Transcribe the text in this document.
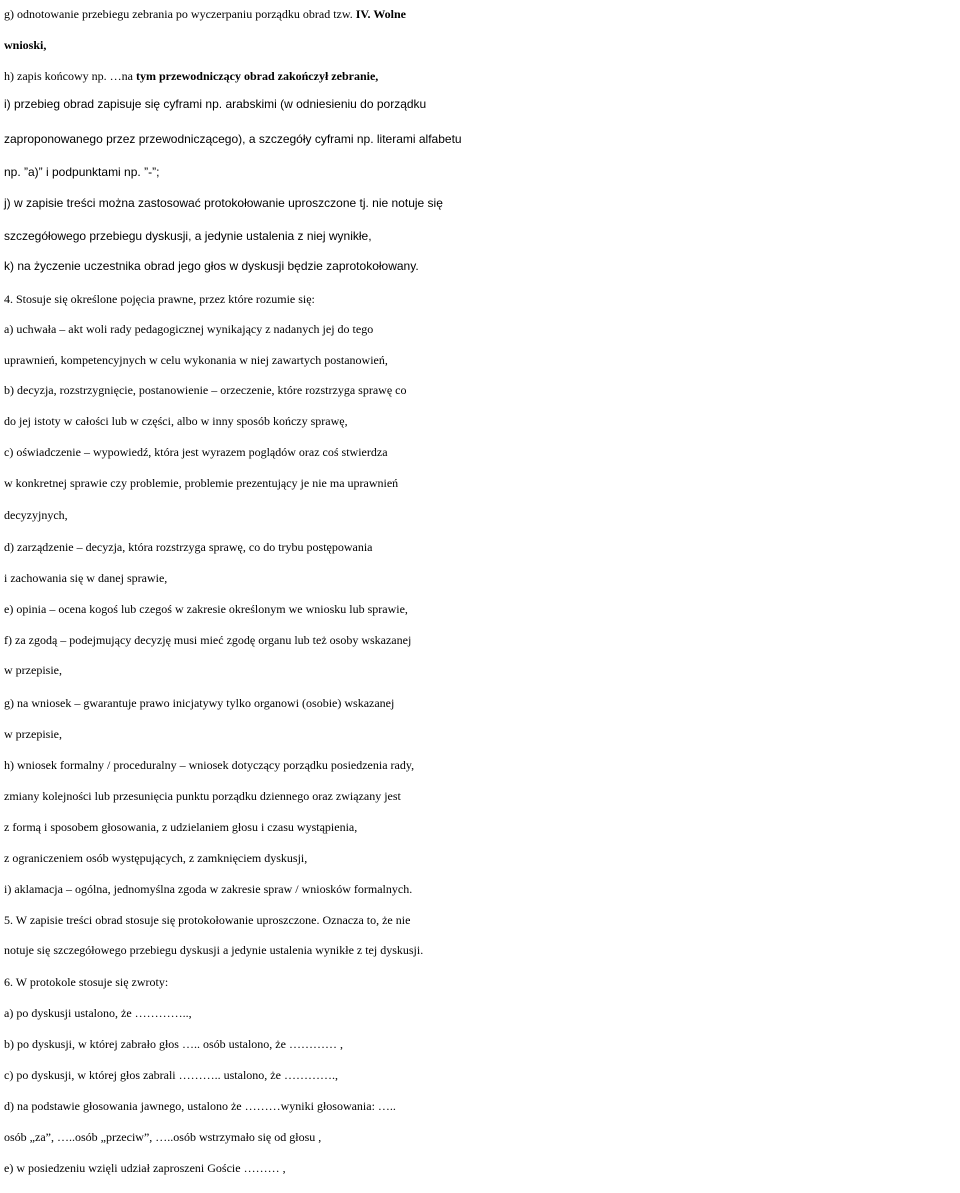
g) odnotowanie przebiegu zebrania po wyczerpaniu porządku obrad tzw. IV. Wolne
wnioski,
h) zapis końcowy np. …na tym przewodniczący obrad zakończył zebranie,
i) przebieg obrad zapisuje się cyframi np. arabskimi (w odniesieniu do porządku
zaproponowanego przez przewodniczącego), a szczegóły cyframi np. literami alfabetu
np. ”a)” i podpunktami np. ”-”;
j) w zapisie treści można zastosować protokołowanie uproszczone tj. nie notuje się
szczegółowego przebiegu dyskusji, a jedynie ustalenia z niej wynikłe,
k) na życzenie uczestnika obrad jego głos w dyskusji będzie zaprotokołowany.
4. Stosuje się określone pojęcia prawne, przez które rozumie się:
a) uchwała – akt woli rady pedagogicznej wynikający z nadanych jej do tego
uprawnień, kompetencyjnych w celu wykonania w niej zawartych postanowień,
b) decyzja, rozstrzygnięcie, postanowienie – orzeczenie, które rozstrzyga sprawę co
do jej istoty w całości lub w części, albo w inny sposób kończy sprawę,
c) oświadczenie – wypowiedź, która jest wyrazem poglądów oraz coś stwierdza
w konkretnej sprawie czy problemie, problemie prezentujący je nie ma uprawnień
decyzyjnych,
d) zarządzenie – decyzja, która rozstrzyga sprawę, co do trybu postępowania
i zachowania się w danej sprawie,
e) opinia – ocena kogoś lub czegoś w zakresie określonym we wniosku lub sprawie,
f) za zgodą – podejmujący decyzję musi mieć zgodę organu lub też osoby wskazanej
w przepisie,
g) na wniosek – gwarantuje prawo inicjatywy tylko organowi (osobie) wskazanej
w przepisie,
h) wniosek formalny / proceduralny – wniosek dotyczący porządku posiedzenia rady,
zmiany kolejności lub przesunięcia punktu porządku dziennego oraz związany jest
z formą i sposobem głosowania, z udzielaniem głosu i czasu wystąpienia,
z ograniczeniem osób występujących, z zamknięciem dyskusji,
i) aklamacja – ogólna, jednomyślna zgoda w zakresie spraw / wniosków formalnych.
5. W zapisie treści obrad stosuje się protokołowanie uproszczone. Oznacza to, że nie
notuje się szczegółowego przebiegu dyskusji a jedynie ustalenia wynikłe z tej dyskusji.
6. W protokole stosuje się zwroty:
a) po dyskusji ustalono, że …………..,
b) po dyskusji, w której zabrało głos ….. osób ustalono, że ………… ,
c) po dyskusji, w której głos zabrali ……….. ustalono, że ………….,
d) na podstawie głosowania jawnego, ustalono że ………wyniki głosowania: …..
osób „za”, …..osób „przeciw”, …..osób wstrzymało się od głosu ,
e) w posiedzeniu wzięli udział zaproszeni Goście ……… ,
